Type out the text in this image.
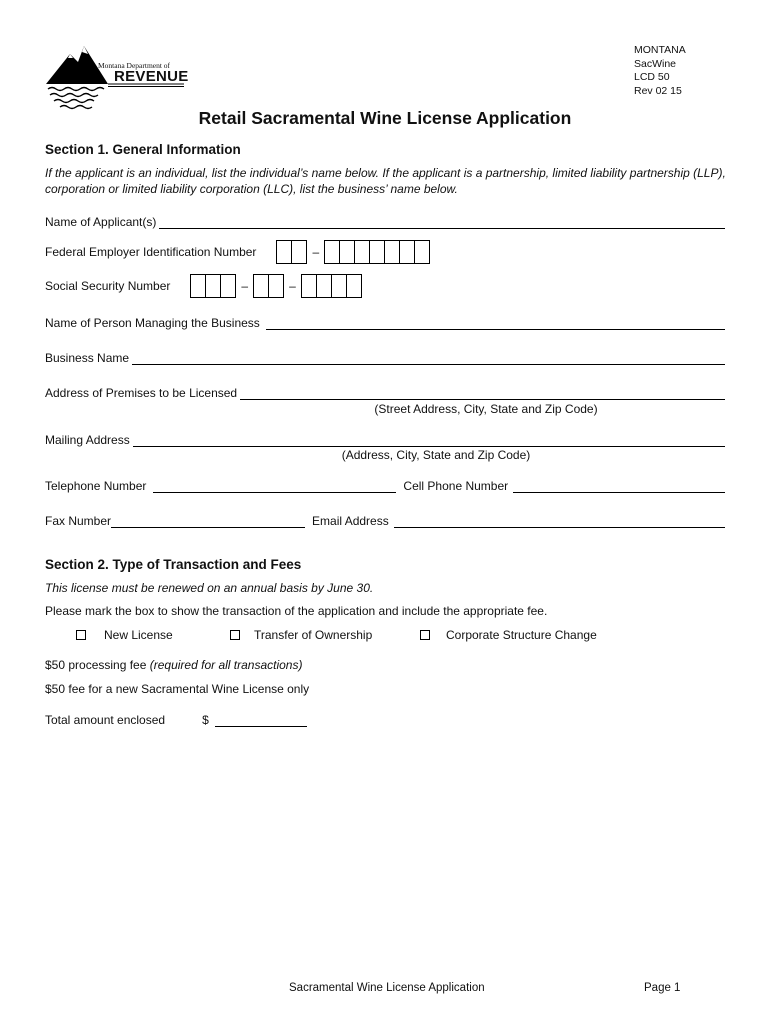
Montana Department of
REVENUE
MONTANA
SacWine
LCD 50
Rev 02 15
Retail Sacramental Wine License Application
Section 1. General Information
If the applicant is an individual, list the individual’s name below. If the applicant is a partnership, limited liability partnership (LLP), corporation or limited liability corporation (LLC), list the business’ name below.
Name of Applicant(s)
Federal Employer Identification Number	–
Social Security Number	–	–
Name of Person Managing the Business
Business Name
Address of Premises to be Licensed
(Street Address, City, State and Zip Code)
Mailing Address
(Address, City, State and Zip Code)
Telephone Number	Cell Phone Number
Fax Number	Email Address
Section 2. Type of Transaction and Fees
This license must be renewed on an annual basis by June 30.
Please mark the box to show the transaction of the application and include the appropriate fee.
New License	Transfer of Ownership	Corporate Structure Change
$50 processing fee (required for all transactions)
$50 fee for a new Sacramental Wine License only
Total amount enclosed	$
Sacramental Wine License Application	Page 1
